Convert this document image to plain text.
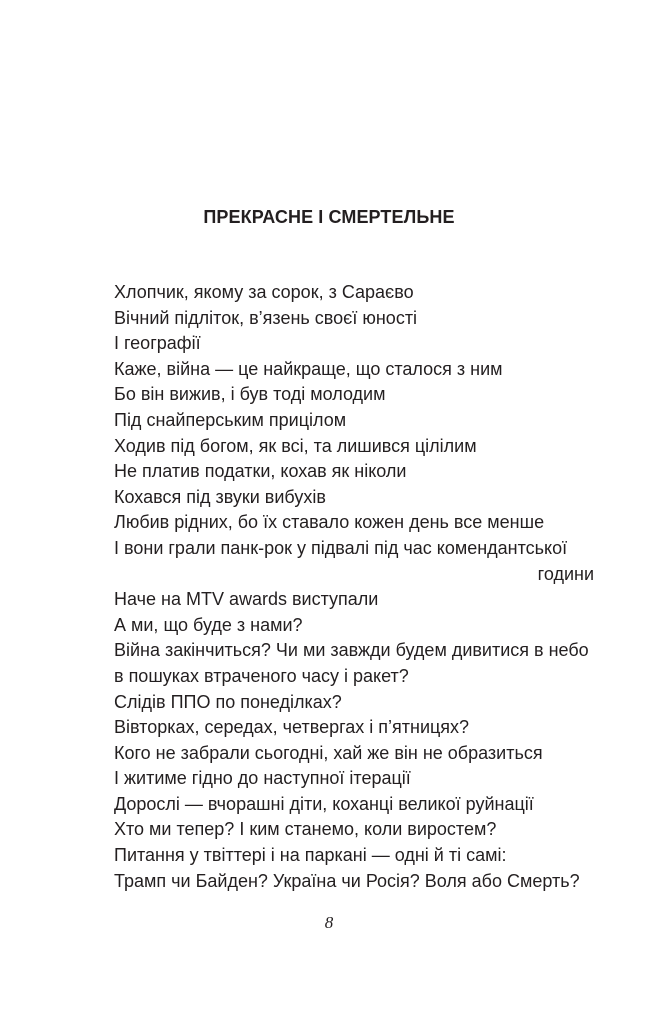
ПРЕКРАСНЕ І СМЕРТЕЛЬНЕ
Хлопчик, якому за сорок, з Сараєво
Вічний підліток, в’язень своєї юності
І географії
Каже, війна — це найкраще, що сталося з ним
Бо він вижив, і був тоді молодим
Під снайперським прицілом
Ходив під богом, як всі, та лишився цілілим
Не платив податки, кохав як ніколи
Кохався під звуки вибухів
Любив рідних, бо їх ставало кожен день все менше
І вони грали панк-рок у підвалі під час комендантської
години
Наче на MTV awards виступали
А ми, що буде з нами?
Війна закінчиться? Чи ми завжди будем дивитися в небо
в пошуках втраченого часу і ракет?
Слідів ППО по понеділках?
Вівторках, середах, четвергах і п’ятницях?
Кого не забрали сьогодні, хай же він не образиться
І житиме гідно до наступної ітерації
Дорослі — вчорашні діти, коханці великої руйнації
Хто ми тепер? І ким станемо, коли виростем?
Питання у твіттері і на паркані — одні й ті самі:
Трамп чи Байден? Україна чи Росія? Воля або Смерть?
8
